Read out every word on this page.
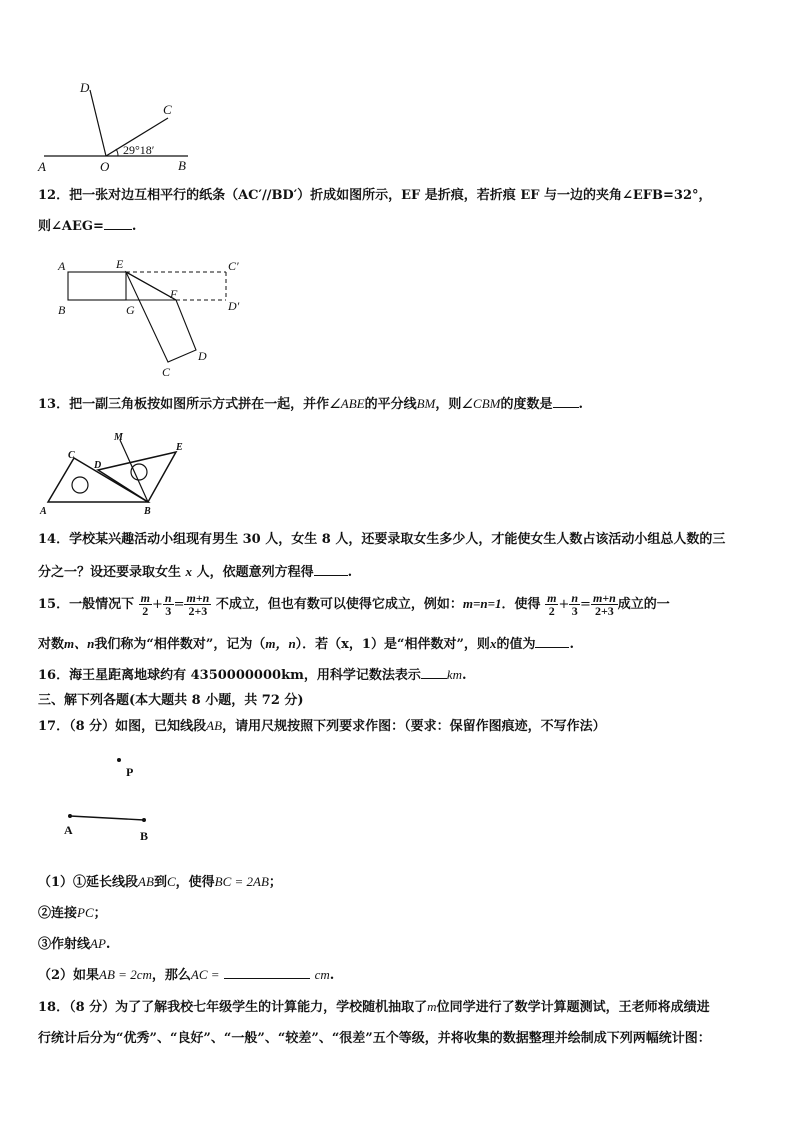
D
C
A	O	B
29°18′
12．把一张对边互相平行的纸条（AC′//BD′）折成如图所示，EF 是折痕，若折痕 EF 与一边的夹角∠EFB=32°，
则∠AEG= .
A	E	C′
B	G
F
D′
D
C
13．把一副三角板按如图所示方式拼在一起，并作∠ABE的平分线BM，则∠CBM的度数是 .
M
C
D
E
A	B
14．学校某兴趣活动小组现有男生 30 人，女生 8 人，还要录取女生多少人，才能使女生人数占该活动小组总人数的三
分之一？设还要录取女生 x 人，依题意列方程得	.
15．一般情况下 $\frac{m}{2} + \frac{n}{3} = \frac{m+n}{2+3}$ 不成立，但也有数可以使得它成立，例如：m=n=1．使得 $\frac{m}{2} + \frac{n}{3} = \frac{m+n}{2+3}$ 成立的一
对数m、n我们称为“相伴数对”，记为（m，n）．若（x，1）是“相伴数对”，则x的值为	.
16．海王星距离地球约有 4350000000km，用科学记数法表示 km.
三、解下列各题(本大题共 8 小题，共 72 分)
17．（8 分）如图，已知线段AB，请用尺规按照下列要求作图：（要求：保留作图痕迹，不写作法）
P
A	B
（1）①延长线段AB到C，使得BC = 2AB；
②连接PC；
③作射线AP.
（2）如果AB = 2cm，那么AC =	cm.
18．（8 分）为了了解我校七年级学生的计算能力，学校随机抽取了m位同学进行了数学计算题测试，王老师将成绩进
行统计后分为“优秀”、“良好”、“一般”、“较差”、“很差”五个等级，并将收集的数据整理并绘制成下列两幅统计图：
